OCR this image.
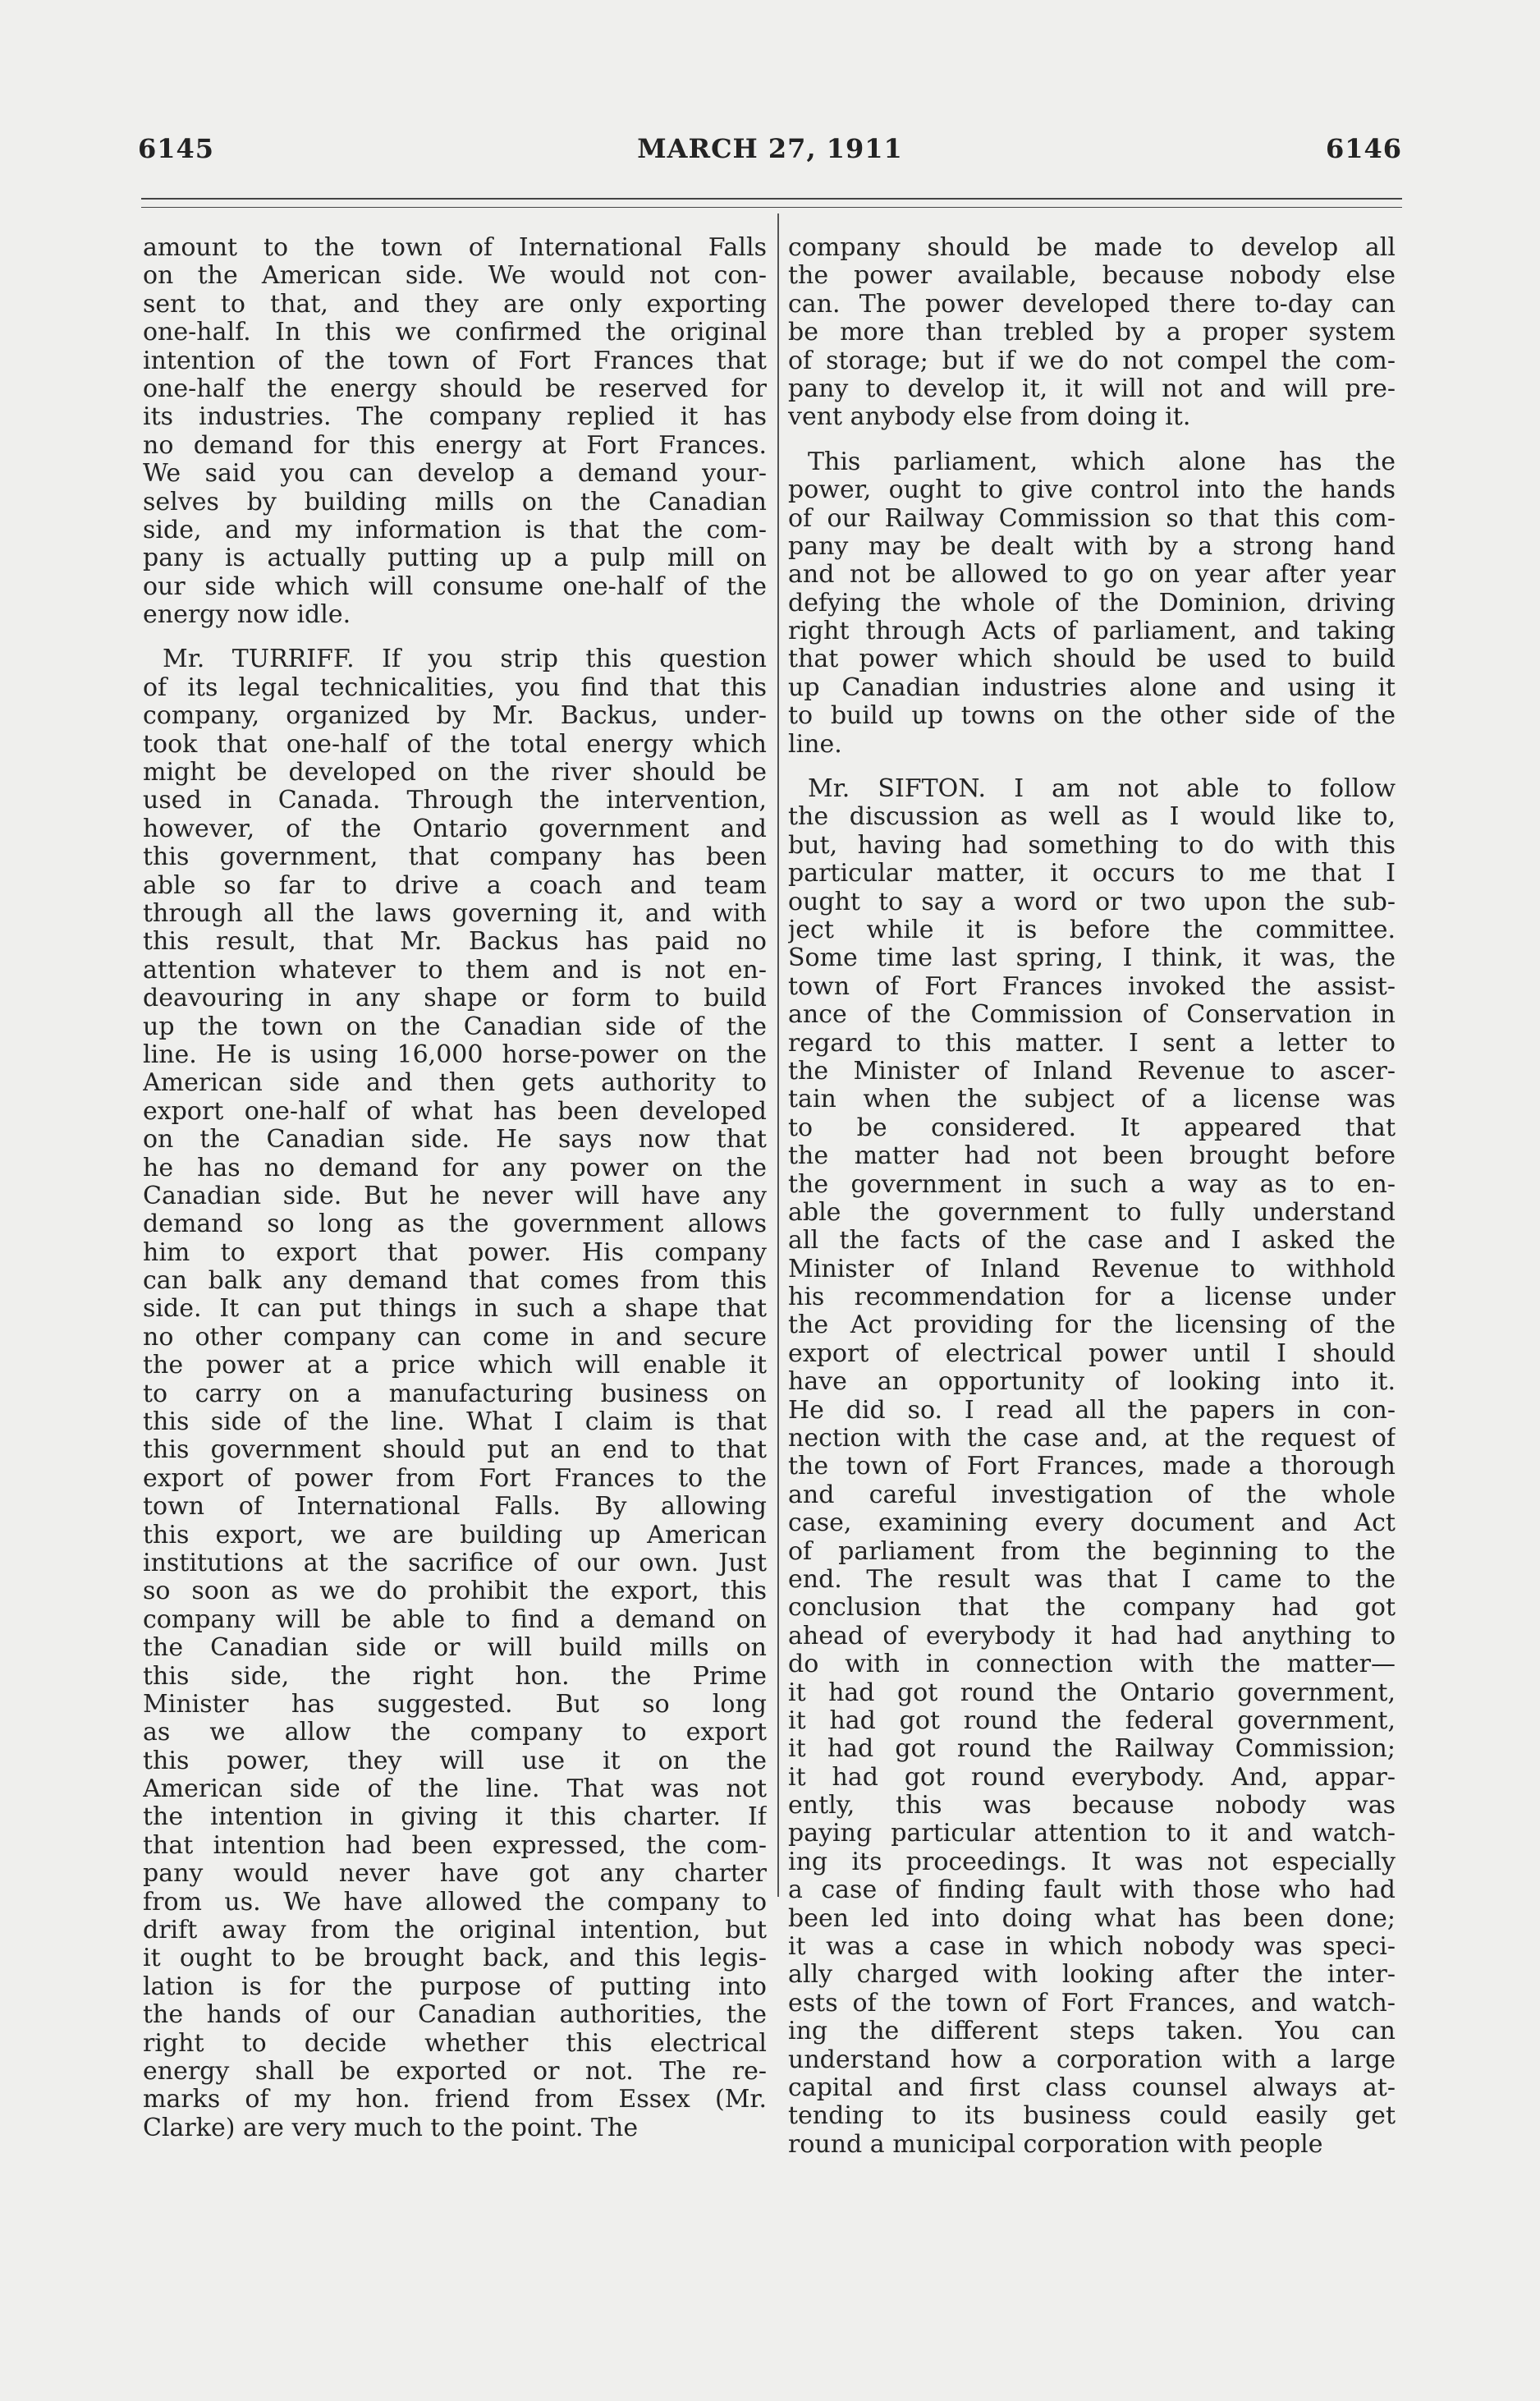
6145	MARCH 27, 1911	6146
amount to the town of International Falls
on the American side. We would not con-
sent to that, and they are only exporting
one-half. In this we confirmed the original
intention of the town of Fort Frances that
one-half the energy should be reserved for
its industries. The company replied it has
no demand for this energy at Fort Frances.
We said you can develop a demand your-
selves by building mills on the Canadian
side, and my information is that the com-
pany is actually putting up a pulp mill on
our side which will consume one-half of the
energy now idle.
Mr. TURRIFF. If you strip this question
of its legal technicalities, you find that this
company, organized by Mr. Backus, under-
took that one-half of the total energy which
might be developed on the river should be
used in Canada. Through the intervention,
however, of the Ontario government and
this government, that company has been
able so far to drive a coach and team
through all the laws governing it, and with
this result, that Mr. Backus has paid no
attention whatever to them and is not en-
deavouring in any shape or form to build
up the town on the Canadian side of the
line. He is using 16,000 horse-power on the
American side and then gets authority to
export one-half of what has been developed
on the Canadian side. He says now that
he has no demand for any power on the
Canadian side. But he never will have any
demand so long as the government allows
him to export that power. His company
can balk any demand that comes from this
side. It can put things in such a shape that
no other company can come in and secure
the power at a price which will enable it
to carry on a manufacturing business on
this side of the line. What I claim is that
this government should put an end to that
export of power from Fort Frances to the
town of International Falls. By allowing
this export, we are building up American
institutions at the sacrifice of our own. Just
so soon as we do prohibit the export, this
company will be able to find a demand on
the Canadian side or will build mills on
this side, the right hon. the Prime
Minister has suggested. But so long
as we allow the company to export
this power, they will use it on the
American side of the line. That was not
the intention in giving it this charter. If
that intention had been expressed, the com-
pany would never have got any charter
from us. We have allowed the company to
drift away from the original intention, but
it ought to be brought back, and this legis-
lation is for the purpose of putting into
the hands of our Canadian authorities, the
right to decide whether this electrical
energy shall be exported or not. The re-
marks of my hon. friend from Essex (Mr.
Clarke) are very much to the point. The
company should be made to develop all
the power available, because nobody else
can. The power developed there to-day can
be more than trebled by a proper system
of storage; but if we do not compel the com-
pany to develop it, it will not and will pre-
vent anybody else from doing it.
This parliament, which alone has the
power, ought to give control into the hands
of our Railway Commission so that this com-
pany may be dealt with by a strong hand
and not be allowed to go on year after year
defying the whole of the Dominion, driving
right through Acts of parliament, and taking
that power which should be used to build
up Canadian industries alone and using it
to build up towns on the other side of the
line.
Mr. SIFTON. I am not able to follow
the discussion as well as I would like to,
but, having had something to do with this
particular matter, it occurs to me that I
ought to say a word or two upon the sub-
ject while it is before the committee.
Some time last spring, I think, it was, the
town of Fort Frances invoked the assist-
ance of the Commission of Conservation in
regard to this matter. I sent a letter to
the Minister of Inland Revenue to ascer-
tain when the subject of a license was
to be considered. It appeared that
the matter had not been brought before
the government in such a way as to en-
able the government to fully understand
all the facts of the case and I asked the
Minister of Inland Revenue to withhold
his recommendation for a license under
the Act providing for the licensing of the
export of electrical power until I should
have an opportunity of looking into it.
He did so. I read all the papers in con-
nection with the case and, at the request of
the town of Fort Frances, made a thorough
and careful investigation of the whole
case, examining every document and Act
of parliament from the beginning to the
end. The result was that I came to the
conclusion that the company had got
ahead of everybody it had had anything to
do with in connection with the matter—
it had got round the Ontario government,
it had got round the federal government,
it had got round the Railway Commission;
it had got round everybody. And, appar-
ently, this was because nobody was
paying particular attention to it and watch-
ing its proceedings. It was not especially
a case of finding fault with those who had
been led into doing what has been done;
it was a case in which nobody was speci-
ally charged with looking after the inter-
ests of the town of Fort Frances, and watch-
ing the different steps taken. You can
understand how a corporation with a large
capital and first class counsel always at-
tending to its business could easily get
round a municipal corporation with people
